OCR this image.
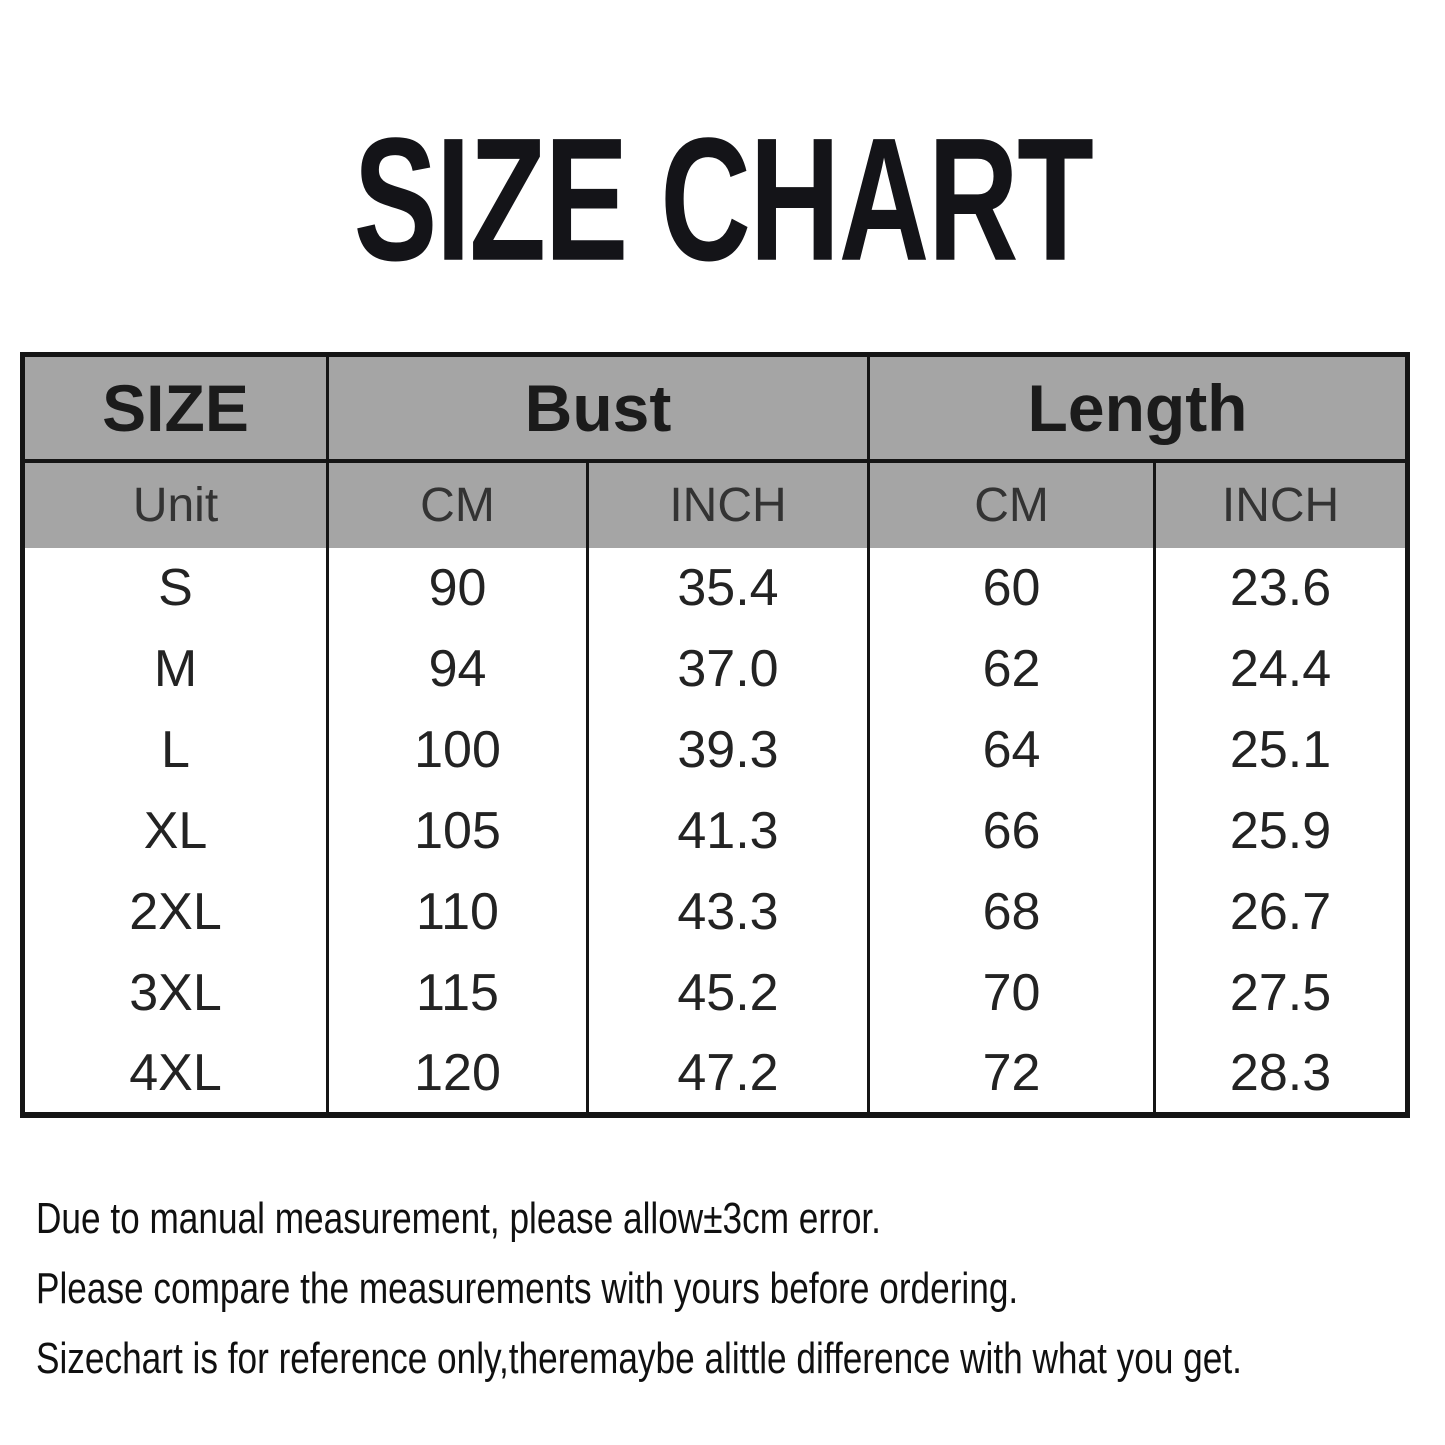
SIZE CHART
SIZE	Bust		Length	
Unit	CM	INCH	CM	INCH
S	90	35.4	60	23.6
M	94	37.0	62	24.4
L	100	39.3	64	25.1
XL	105	41.3	66	25.9
2XL	110	43.3	68	26.7
3XL	115	45.2	70	27.5
4XL	120	47.2	72	28.3
Due to manual measurement, please allow±3cm error.
Please compare the measurements with yours before ordering.
Sizechart is for reference only,theremaybe alittle difference with what you get.
